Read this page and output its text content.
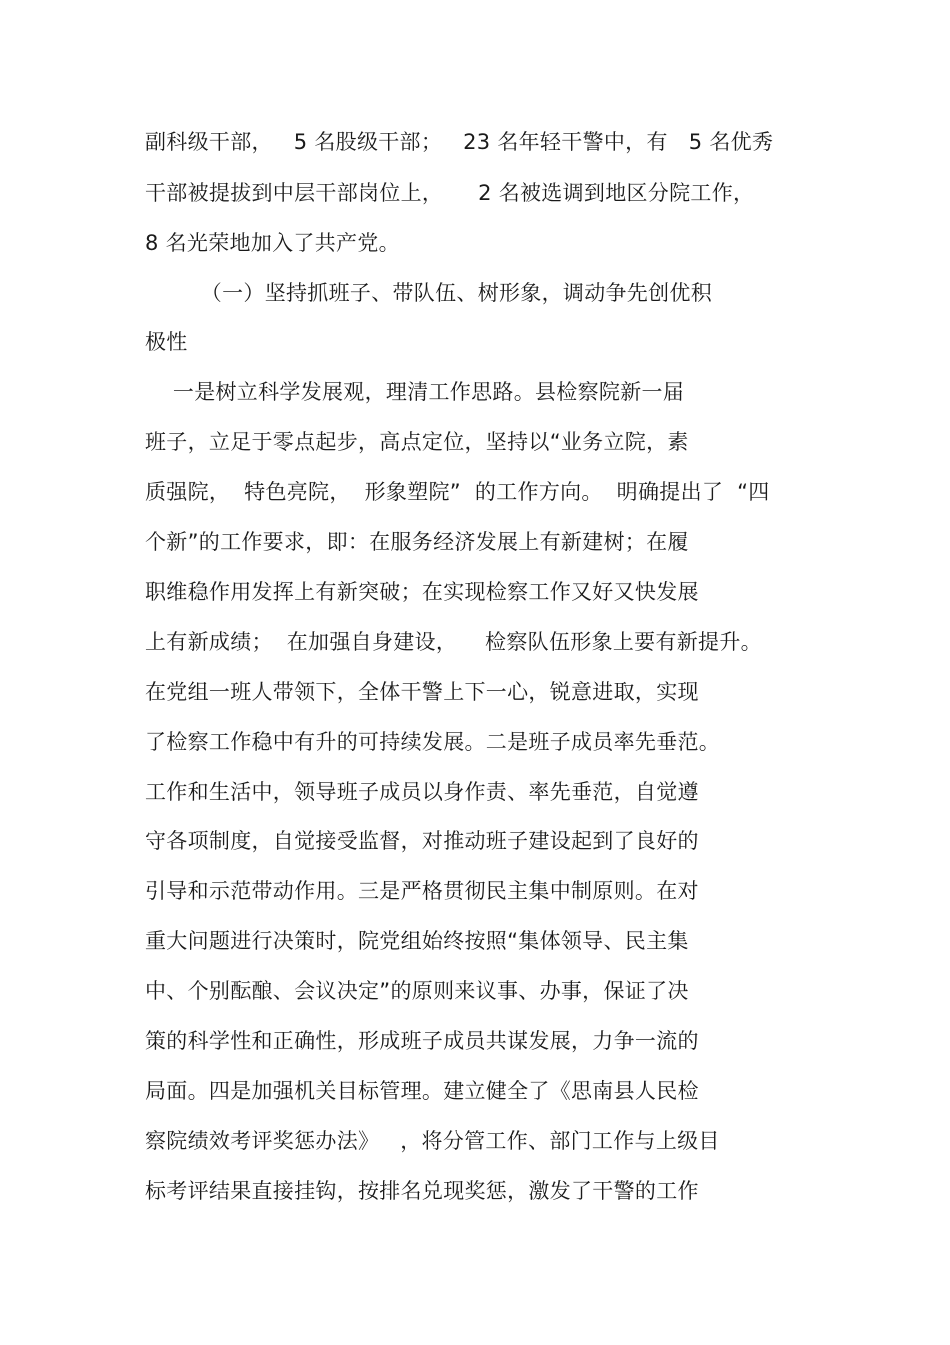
副科级干部，   5 名股级干部；   23 名年轻干警中，有   5 名优秀
干部被提拔到中层干部岗位上，     2 名被选调到地区分院工作，
8 名光荣地加入了共产党。
（一）坚持抓班子、带队伍、树形象，调动争先创优积
极性
一是树立科学发展观，理清工作思路。县检察院新一届
班子，立足于零点起步，高点定位，坚持以“业务立院，素
质强院，  特色亮院，  形象塑院”  的工作方向。  明确提出了  “四
个新”的工作要求，即：在服务经济发展上有新建树；在履
职维稳作用发挥上有新突破；在实现检察工作又好又快发展
上有新成绩；  在加强自身建设，    检察队伍形象上要有新提升。
在党组一班人带领下，全体干警上下一心，锐意进取，实现
了检察工作稳中有升的可持续发展。二是班子成员率先垂范。
工作和生活中，领导班子成员以身作责、率先垂范，自觉遵
守各项制度，自觉接受监督，对推动班子建设起到了良好的
引导和示范带动作用。三是严格贯彻民主集中制原则。在对
重大问题进行决策时，院党组始终按照“集体领导、民主集
中、个别酝酿、会议决定”的原则来议事、办事，保证了决
策的科学性和正确性，形成班子成员共谋发展，力争一流的
局面。四是加强机关目标管理。建立健全了《思南县人民检
察院绩效考评奖惩办法》   ，将分管工作、部门工作与上级目
标考评结果直接挂钩，按排名兑现奖惩，激发了干警的工作
